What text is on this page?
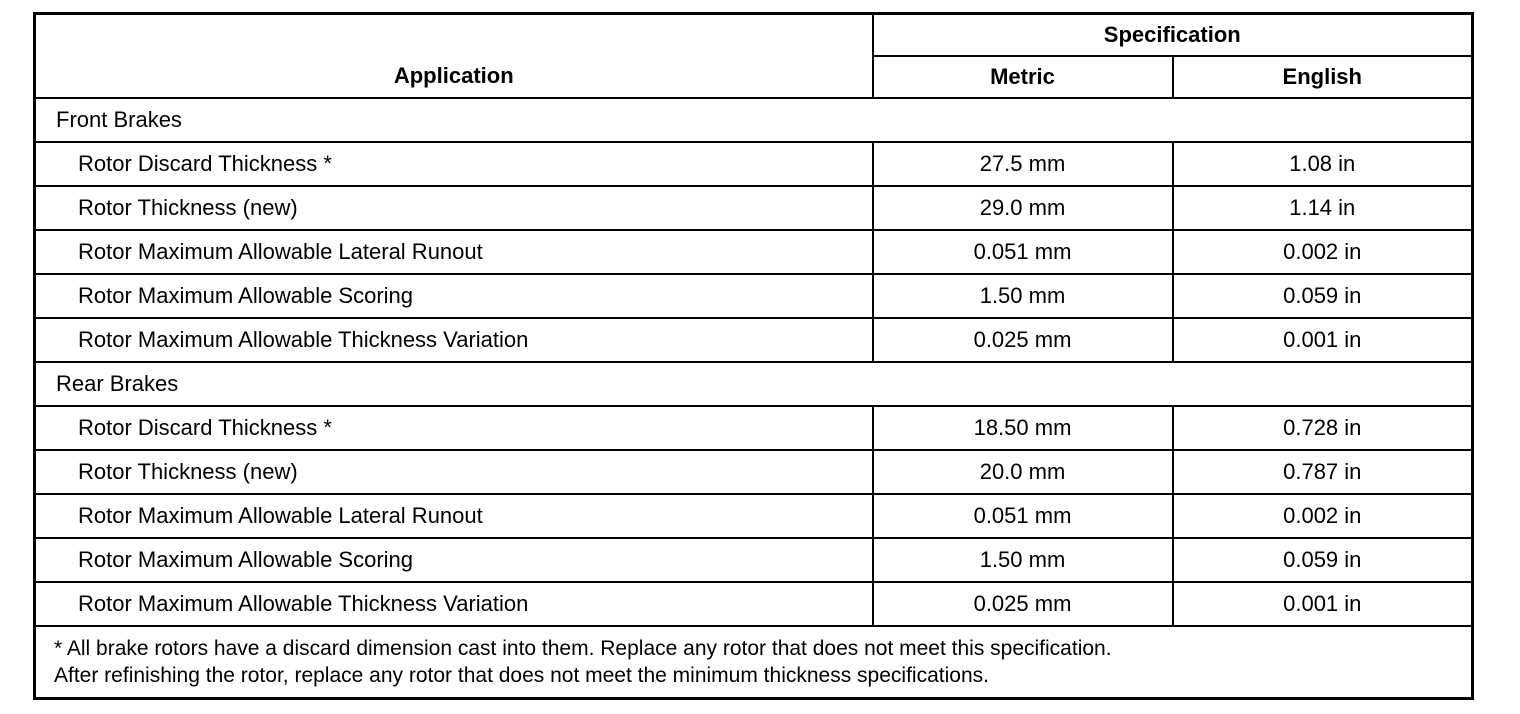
Application	Specification	
	Metric	English
Front Brakes		
Rotor Discard Thickness *	27.5 mm	1.08 in
Rotor Thickness (new)	29.0 mm	1.14 in
Rotor Maximum Allowable Lateral Runout	0.051 mm	0.002 in
Rotor Maximum Allowable Scoring	1.50 mm	0.059 in
Rotor Maximum Allowable Thickness Variation	0.025 mm	0.001 in
Rear Brakes		
Rotor Discard Thickness *	18.50 mm	0.728 in
Rotor Thickness (new)	20.0 mm	0.787 in
Rotor Maximum Allowable Lateral Runout	0.051 mm	0.002 in
Rotor Maximum Allowable Scoring	1.50 mm	0.059 in
Rotor Maximum Allowable Thickness Variation	0.025 mm	0.001 in

* All brake rotors have a discard dimension cast into them. Replace any rotor that does not meet this specification.
After refinishing the rotor, replace any rotor that does not meet the minimum thickness specifications.		
